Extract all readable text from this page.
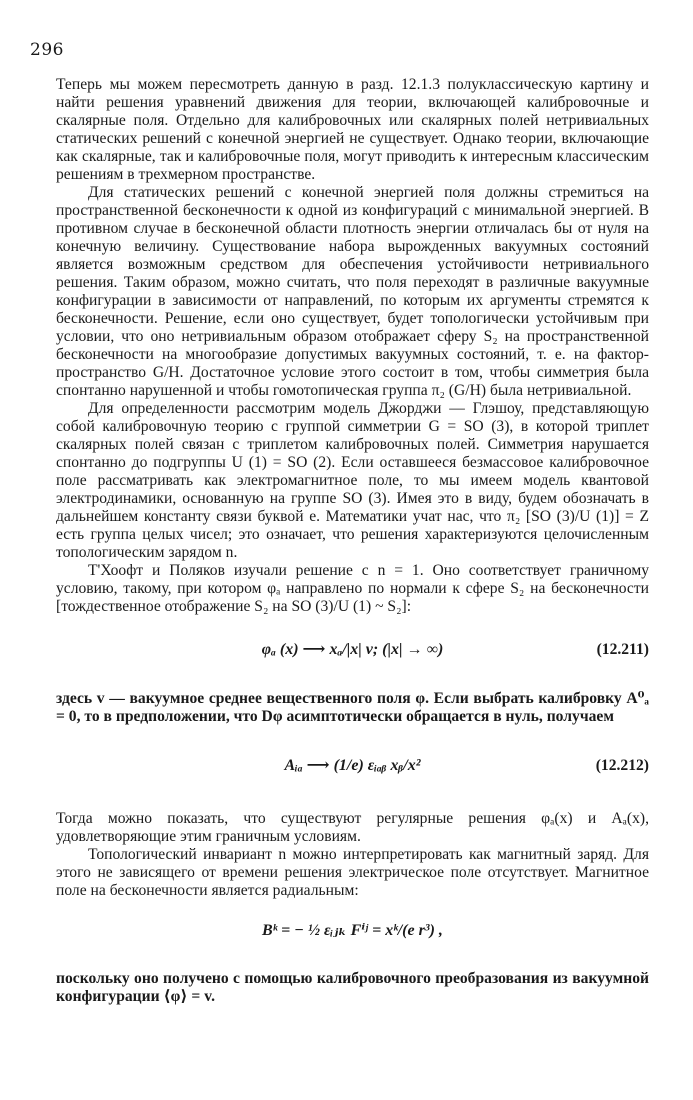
296

Теперь мы можем пересмотреть данную в разд. 12.1.3 полуклассическую картину и найти решения уравнений движения для теории, включающей калибровочные и скалярные поля. Отдельно для калибровочных или скалярных полей нетривиальных статических решений с конечной энергией не существует. Однако теории, включающие как скалярные, так и калибровочные поля, могут приводить к интересным классическим решениям в трехмерном пространстве.

Для статических решений с конечной энергией поля должны стремиться на пространственной бесконечности к одной из конфигураций с минимальной энергией. В противном случае в бесконечной области плотность энергии отличалась бы от нуля на конечную величину. Существование набора вырожденных вакуумных состояний является возможным средством для обеспечения устойчивости нетривиального решения. Таким образом, можно считать, что поля переходят в различные вакуумные конфигурации в зависимости от направлений, по которым их аргументы стремятся к бесконечности. Решение, если оно существует, будет топологически устойчивым при условии, что оно нетривиальным образом отображает сферу S₂ на пространственной бесконечности на многообразие допустимых вакуумных состояний, т. е. на фактор-пространство G/H. Достаточное условие этого состоит в том, чтобы симметрия была спонтанно нарушенной и чтобы гомотопическая группа π₂ (G/H) была нетривиальной.

Для определенности рассмотрим модель Джорджи — Глэшоу, представляющую собой калибровочную теорию с группой симметрии G = SO (3), в которой триплет скалярных полей связан с триплетом калибровочных полей. Симметрия нарушается спонтанно до подгруппы U (1) = SO (2). Если оставшееся безмассовое калибровочное поле рассматривать как электромагнитное поле, то мы имеем модель квантовой электродинамики, основанную на группе SO (3). Имея это в виду, будем обозначать в дальнейшем константу связи буквой e. Математики учат нас, что π₂ [SO (3)/U (1)] = Z есть группа целых чисел; это означает, что решения характеризуются целочисленным топологическим зарядом n.

Т'Хоофт и Поляков изучали решение с n = 1. Оно соответствует граничному условию, такому, при котором φₐ направлено по нормали к сфере S₂ на бесконечности [тождественное отображение S₂ на SO (3)/U (1) ~ S₂]:

φₐ (x) ⟶ xₐ/|x| v; (|x| → ∞)	(12.211)

здесь v — вакуумное среднее вещественного поля φ. Если выбрать калибровку A⁰ₐ = 0, то в предположении, что Dφ асимптотически обращается в нуль, получаем

Aᵢₐ ⟶ (1/e) εᵢₐᵦ xᵦ/x²	(12.212)

Тогда можно показать, что существуют регулярные решения φₐ(x) и Aₐ(x), удовлетворяющие этим граничным условиям.

Топологический инвариант n можно интерпретировать как магнитный заряд. Для этого не зависящего от времени решения электрическое поле отсутствует. Магнитное поле на бесконечности является радиальным:

Bᵏ = − ½ εᵢⱼₖ Fⁱʲ = xᵏ/(e r³) ,

поскольку оно получено с помощью калибровочного преобразования из вакуумной конфигурации ⟨φ⟩ = v.
